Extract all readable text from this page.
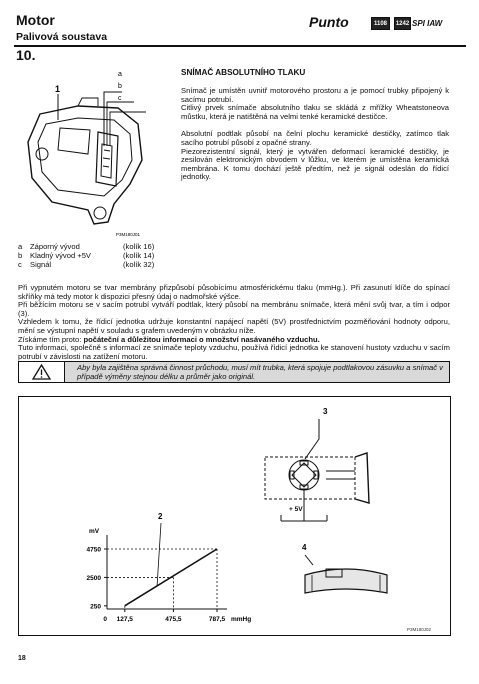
Motor
Palivová soustava
Punto	1108	1242 SPI IAW
10.
a
b
c
1
P3M180J01
SNÍMAČ ABSOLUTNÍHO TLAKU

Snímač je umístěn uvnitř motorového prostoru a je pomocí trubky připojený k sacímu potrubí.

Citlivý prvek snímače absolutního tlaku se skládá z mřížky Wheatstoneova můstku, která je natištěná na velmi tenké keramické destičce.

Absolutní podtlak působí na čelní plochu keramické destičky, zatímco tlak sacího potrubí působí z opačné strany.

Piezorezistentní signál, který je vytvářen deformací keramické destičky, je zesilován elektronickým obvodem v lůžku, ve kterém je umístěna keramická membrána. K tomu dochází ještě předtím, než je signál odeslán do řídicí jednotky.

a	Záporný vývod	(kolík 16)
b	Kladný vývod +5V	(kolík 14)
c	Signál	(kolík 32)

Při vypnutém motoru se tvar membrány přizpůsobí působícímu atmosférickému tlaku (mmHg.). Při zasunutí klíče do spínací skříňky má tedy motor k dispozici přesný údaj o nadmořské výšce.

Při běžícím motoru se v sacím potrubí vytváří podtlak, který působí na membránu snímače, která mění svůj tvar, a tím i odpor (3).

Vzhledem k tomu, že řídicí jednotka udržuje konstantní napájecí napětí (5V) prostřednictvím pozměňování hodnoty odporu, mění se výstupní napětí v souladu s grafem uvedeným v obrázku níže.

Získáme tím proto: počáteční a důležitou informaci o množství nasávaného vzduchu.

Tuto informaci, společně s informací ze snímače teploty vzduchu, používá řídicí jednotka ke stanovení hustoty vzduchu v sacím potrubí v závislosti na zatížení motoru.

Aby byla zajištěna správná činnost průchodu, musí mít trubka, která spojuje podtlakovou zásuvku a snímač v případě výměny stejnou délku a průměr jako originál.
mV
mmHg
0 127,5	475,5	787,5
250
2500
4750
2
3
+ 5V
4
P3M180J02
18
